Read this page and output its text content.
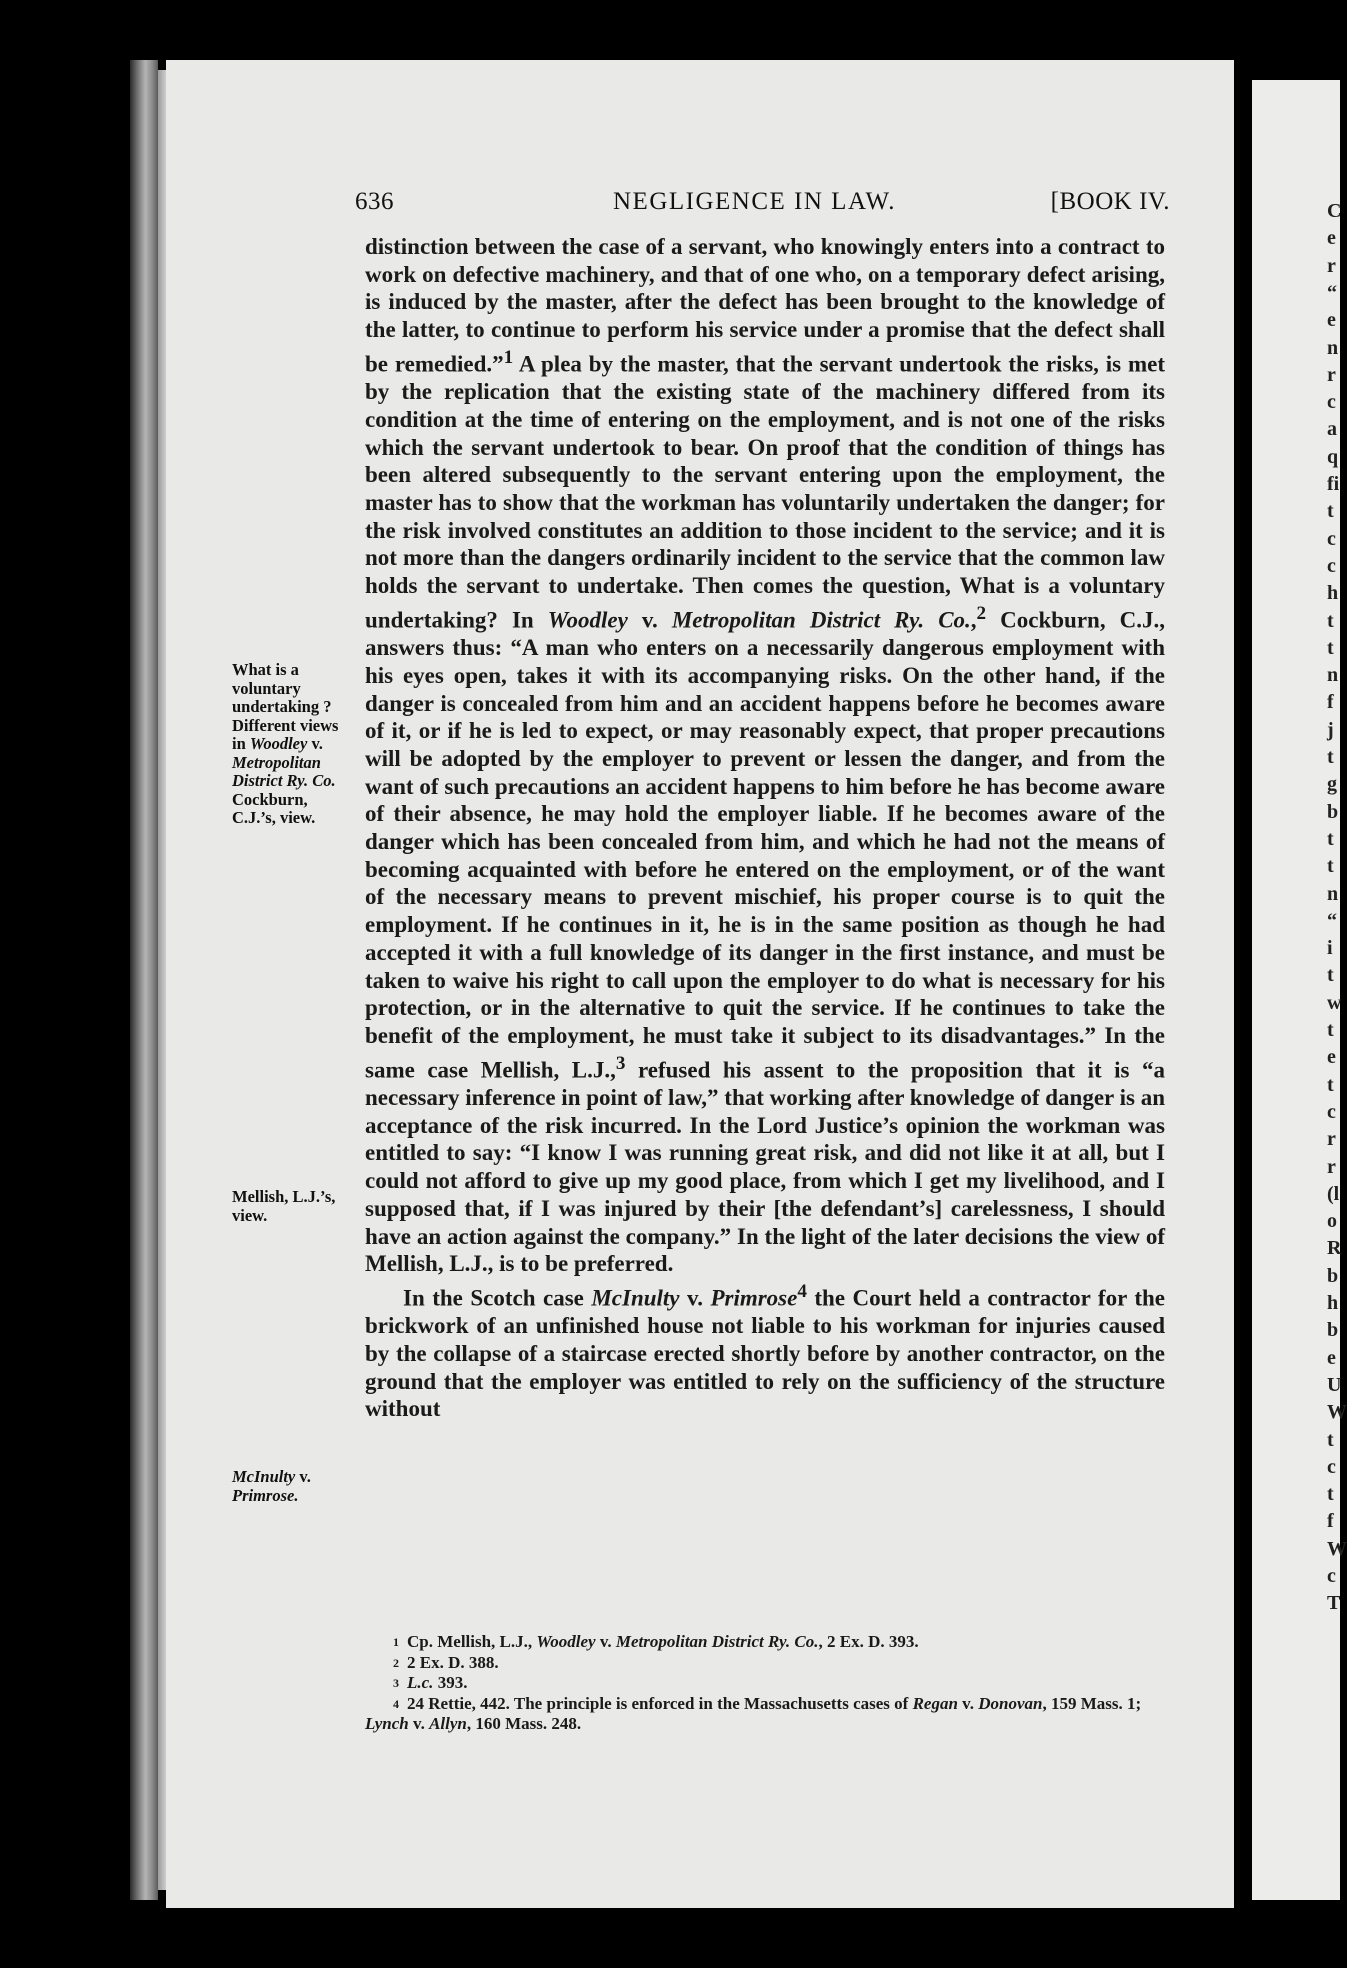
C
e
r
“
e
n
r
c
a
q
fi
t
c
c
h
t
t
n
f
j
t
g
b
t
t
n
“
i
t
w
t
e
t
c
r
r
(l
o
R
b
h
b
e
U
W
t
c
t
f
W
c
T
636	NEGLIGENCE IN LAW.	[BOOK IV.
What is a voluntary undertaking ? Different views in Woodley v. Metropolitan District Ry. Co. Cockburn, C.J.’s, view.
Mellish, L.J.’s, view.
McInulty v. Primrose.

distinction between the case of a servant, who knowingly enters into a contract to work on defective machinery, and that of one who, on a temporary defect arising, is induced by the master, after the defect has been brought to the knowledge of the latter, to continue to perform his service under a promise that the defect shall be remedied.”$^1$ A plea by the master, that the servant undertook the risks, is met by the replication that the existing state of the machinery differed from its condition at the time of entering on the employment, and is not one of the risks which the servant undertook to bear. On proof that the condition of things has been altered subsequently to the servant entering upon the employment, the master has to show that the workman has voluntarily undertaken the danger; for the risk involved constitutes an addition to those incident to the service; and it is not more than the dangers ordinarily incident to the service that the common law holds the servant to undertake. Then comes the question, What is a voluntary undertaking? In Woodley v. Metropolitan District Ry. Co.,$^2$ Cockburn, C.J., answers thus: “A man who enters on a necessarily dangerous employment with his eyes open, takes it with its accompanying risks. On the other hand, if the danger is concealed from him and an accident happens before he becomes aware of it, or if he is led to expect, or may reasonably expect, that proper precautions will be adopted by the employer to prevent or lessen the danger, and from the want of such precautions an accident happens to him before he has become aware of their absence, he may hold the employer liable. If he becomes aware of the danger which has been concealed from him, and which he had not the means of becoming acquainted with before he entered on the employment, or of the want of the necessary means to prevent mischief, his proper course is to quit the employment. If he continues in it, he is in the same position as though he had accepted it with a full knowledge of its danger in the first instance, and must be taken to waive his right to call upon the employer to do what is necessary for his protection, or in the alternative to quit the service. If he continues to take the benefit of the employment, he must take it subject to its disadvantages.” In the same case Mellish, L.J.,$^3$ refused his assent to the proposition that it is “a necessary inference in point of law,” that working after knowledge of danger is an acceptance of the risk incurred. In the Lord Justice’s opinion the workman was entitled to say: “I know I was running great risk, and did not like it at all, but I could not afford to give up my good place, from which I get my livelihood, and I supposed that, if I was injured by their [the defendant’s] carelessness, I should have an action against the company.” In the light of the later decisions the view of Mellish, L.J., is to be preferred.

In the Scotch case McInulty v. Primrose$^4$ the Court held a contractor for the brickwork of an unfinished house not liable to his workman for injuries caused by the collapse of a staircase erected shortly before by another contractor, on the ground that the employer was entitled to rely on the sufficiency of the structure without

1 Cp. Mellish, L.J., Woodley v. Metropolitan District Ry. Co., 2 Ex. D. 393.

2 2 Ex. D. 388.

3 L.c. 393.

4 24 Rettie, 442. The principle is enforced in the Massachusetts cases of Regan v. Donovan, 159 Mass. 1; Lynch v. Allyn, 160 Mass. 248.
